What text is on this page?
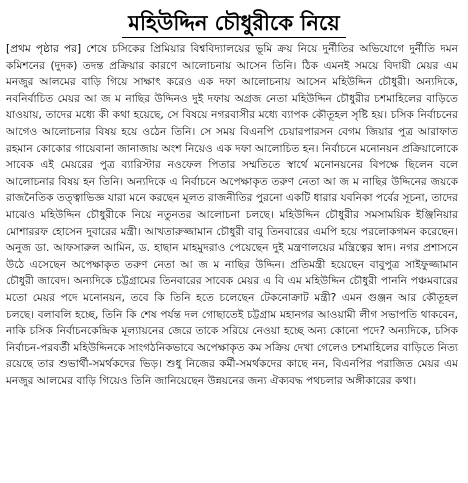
মহিউদ্দিন চৌধুরীকে নিয়ে

[প্রথম পৃষ্ঠার পর] শেষে চসিকের প্রিমিয়ার বিশ্ববিদ্যালয়ের ভূমি ক্রয় নিয়ে দুর্নীতির অভিযোগে দুর্নীতি দমন কমিশনের (দুদক) তদন্ত প্রক্রিয়ার কারণে আলোচনায় আসেন তিনি। ঠিক এমনই সময়ে বিদায়ী মেয়র এম মনজুর আলমের বাড়ি গিয়ে সাক্ষাৎ করেও এক দফা আলোচনায় আসেন মহিউদ্দিন চৌধুরী। অন্যদিকে, নবনির্বাচিত মেয়র আ জ ম নাছির উদ্দিনও দুই দফায় অগ্রজ নেতা মহিউদ্দিন চৌধুরীর চশমাহিলের বাড়িতে যাওয়ায়, তাদের মধ্যে কী কথা হয়েছে, সে বিষয়ে নগরবাসীর মধ্যে ব্যাপক কৌতূহল সৃষ্টি হয়। চসিক নির্বাচনের আগেও আলোচনার বিষয় হয়ে ওঠেন তিনি। সে সময় বিএনপি চেয়ারপারসন বেগম জিয়ার পুত্র আরাফাত রহমান কোকোর গায়েবানা জানাজায় অংশ নিয়েও এক দফা আলোচিত হন। নির্বাচনে মনোনয়ন প্রক্রিয়ালোকে সাবেক এই মেয়রের পুত্র ব্যারিস্টার নওফেল পিতার সম্মতিতে স্বার্থে মনোনয়নের বিপক্ষে ছিলেন বলে আলোচনার বিষয় হন তিনি। অন্যদিকে এ নির্বাচনে অপেক্ষাকৃত তরুণ নেতা আ জ ম নাছির উদ্দিনের জয়কে রাজনৈতিক তত্ত্বাভিজ্ঞ যারা মনে করছেন মূলত রাজনীতির পুরনো একটি ধারার যবনিকা পর্বের সূচনা, তাদের মাঝেও মহিউদ্দিন চৌধুরীকে নিয়ে নতুনতর আলোচনা চলছে। মহিউদ্দিন চৌধুরীর সমসাময়িক ইঞ্জিনিয়ার মোশাররফ হোসেন দুবারের মন্ত্রী। আখতারুজ্জামান চৌধুরী বাবু তিনবারের এমপি হয়ে পরলোকগমন করেছেন। অনুজ ডা. আফসারুল আমিন, ড. হাছান মাহমুদরাও পেয়েছেন দুই মন্ত্রণালয়ের মন্ত্রিত্বের স্বাদ। নগর প্রশাসনে উঠে এসেছেন অপেক্ষাকৃত তরুণ নেতা আ জ ম নাছির উদ্দিন। প্রতিমন্ত্রী হয়েছেন বাবুপুত্র সাইফুজ্জামান চৌধুরী জাবেদ। অন্যদিকে চট্টগ্রামের তিনবারের সাবেক মেয়র এ বি এম মহিউদ্দিন চৌধুরী পাননি পঞ্চমবারের মতো মেয়র পদে মনোনয়ন, তবে কি তিনি হতে চলেছেন টেকনোক্রাট মন্ত্রী? এমন গুঞ্জন আর কৌতূহল চলছে। বলাবলি হচ্ছে, তিনি কি শেষ পর্যন্ত দল গোছাতেই চট্টগ্রাম মহানগর আওয়ামী লীগ সভাপতি থাকবেন, নাকি চসিক নির্বাচনকেন্দ্রিক মূল্যায়নের জেরে তাকে সরিয়ে নেওয়া হচ্ছে অন্য কোনো পদে? অন্যদিকে, চসিক নির্বাচন-পরবর্তী মহিউদ্দিনকে সাংগঠনিকভাবে অপেক্ষাকৃত কম সক্রিয় দেখা গেলেও চশমাহিলের বাড়িতে নিত্য রয়েছে তার শুভার্থী-সমর্থকদের ভিড়। শুধু নিজের কর্মী-সমর্থকদের কাছে নন, বিএনপির পরাজিত মেয়র এম মনজুর আলমের বাড়ি গিয়েও তিনি জানিয়েছেন উন্নয়নের জন্য ঐক্যবদ্ধ পথচলার অঙ্গীকারের কথা।
